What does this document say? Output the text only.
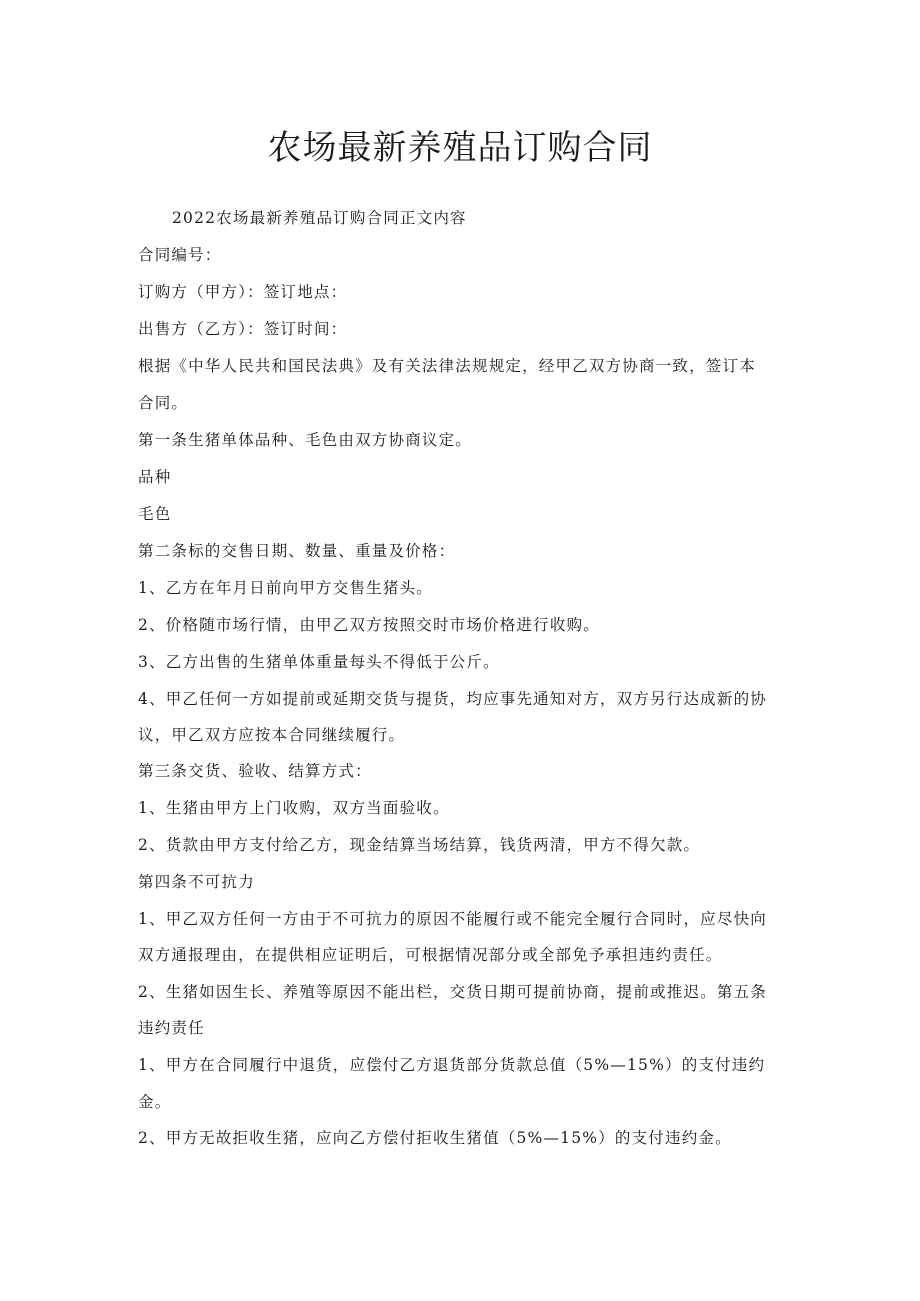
农场最新养殖品订购合同
2022农场最新养殖品订购合同正文内容
合同编号：
订购方（甲方）：签订地点：
出售方（乙方）：签订时间：
根据《中华人民共和国民法典》及有关法律法规规定，经甲乙双方协商一致，签订本
合同。
第一条生猪单体品种、毛色由双方协商议定。
品种
毛色
第二条标的交售日期、数量、重量及价格：
1、乙方在年月日前向甲方交售生猪头。
2、价格随市场行情，由甲乙双方按照交时市场价格进行收购。
3、乙方出售的生猪单体重量每头不得低于公斤。
4、甲乙任何一方如提前或延期交货与提货，均应事先通知对方，双方另行达成新的协
议，甲乙双方应按本合同继续履行。
第三条交货、验收、结算方式：
1、生猪由甲方上门收购，双方当面验收。
2、货款由甲方支付给乙方，现金结算当场结算，钱货两清，甲方不得欠款。
第四条不可抗力
1、甲乙双方任何一方由于不可抗力的原因不能履行或不能完全履行合同时，应尽快向
双方通报理由，在提供相应证明后，可根据情况部分或全部免予承担违约责任。
2、生猪如因生长、养殖等原因不能出栏，交货日期可提前协商，提前或推迟。第五条
违约责任
1、甲方在合同履行中退货，应偿付乙方退货部分货款总值（5%—15%）的支付违约
金。
2、甲方无故拒收生猪，应向乙方偿付拒收生猪值（5%—15%）的支付违约金。
